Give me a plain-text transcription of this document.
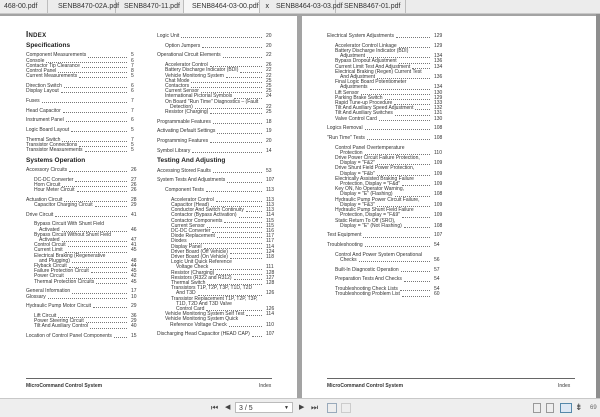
468-00.pdf	SENB8470-02A.pdf SENB8470-11.pdf	SENB8464-03-00.pdf x	SENB8464-03-03.pdf SENB8467-01.pdf
Index
Specifications
Component Measurements	5
Console	6
Contactor Tip Clearance	7
Control Panel	8
Current Measurements	5
Direction Switch	6
Display Layout	6
Fuses	7
Head Capacitor	7
Instrument Panel	6
Logic Board Layout	5
Thermal Switch	7
Transistor Connections	5
Transistor Measurements	5
Systems Operation
Accessory Circuits	26
DC-DC Converter	27
Horn Circuit	26
Hour Meter Circuit	26
Actuation Circuit	28
Capacitor Charging Circuit	29
Drive Circuit	41
Bypass Circuit With Shunt Field
Activated	46
Bypass Circuit Without Shunt Field
Activated	47
Control Circuit	41
Current Limit	45
Electrical Braking (Regenerative
and Plugging)	48
Flyback Circuit	44
Failure Protection Circuit	45
Power Circuit	42
Thermal Protection Circuits	45
General Information	17
Glossary	10
Hydraulic Pump Motor Circuit	29
Lift Circuit	36
Power Steering Circuit	29
Tilt And Auxiliary Control	40
Location of Control Panel Components	15
Logic Unit	20
Option Jumpers	20
Operational Circuit Elements	22
Accelerator Control	26
Battery Discharge Indicator (BDI)	22
Vehicle Monitoring System	22
Chat Mode	25
Contactors	25
Current Sensor	25
International Pictorial Symbols	24
On Board "Run Time" Diagnostics – (Fault
Detection)	22
Resistor (Charging)	25
Programmable Features	18
Activating Default Settings	19
Programming Features	20
Symbol Library	14
Testing And Adjusting
Accessing Stored Faults	53
System Tests And Adjustments	107
Component Tests	113
Accelerator Control	113
Capacitor (Head)	113
Conductor And Switch Continuity	113
Contactor (Bypass Activation)	114
Contactor Components	115
Current Sensor	115
DC-DC Converter	116
Diode Replacement	117
Diodes	117
Display Panel	114
Driver Board (Off Vehicle)	124
Driver Board (On Vehicle)	118
Logic Unit Quick Reference
Voltage Check	111
Resistor (Charging)	128
Resistors (R322 and R312)	127
Thermal Switch	128
Transistors T1P, T2P, T3P, T1D, T2D
And T3D	126
Transistor Replacement T1P, T2P, T3P,
T1D, T2D And T3D Valve
Control Card	126
Vehicle Monitoring System Self Test	114
Vehicle Monitoring System Quick
Reference Voltage Check	110
Discharging Head Capacitor (HEAD CAP)	107
MicroCommand Control System	Index
Electrical System Adjustments	129
Accelerator Control Linkage	129
Battery Discharge Indicator (BDI)
Adjustment	134
Bypass Dropout Adjustment	136
Current Limit Test And Adjustment	134
Electrical Braking (Regen) Current Test
And Adjustment	136
Final Logic Board Potentiometer
Adjustments	134
Lift Sensor	130
Parking Brake Switch	129
Rapid Tune-up Procedure	133
Tilt And Auxiliary Speed Adjustment	132
Tilt And Auxiliary Switches	131
Valve Control Card	130
Logics Removal	108
"Run Time" Tests	108
Control Panel Overtemperature
Protection	110
Drive Power Circuit Failure Protection,
Display = "F&2"	109
Drive Shunt Field Power Protection,
Display = "F&b"	109
Electrically Assisted Braking Failure
Protection, Display = "F&d"	109
Key ON, No Operator Warning,
Display = "E" (Flashing)	108
Hydraulic Pump Power Circuit Failure,
Display = "F&3"	109
Hydraulic Pump Shunt Field Failure
Protection, Display = "F&9"	109
Static Return To Off (SRO),
Display = "E" (Not Flashing)	108
Test Equipment	107
Troubleshooting	54
Control And Power System Operational
Checks	56
Built-In Diagnostic Operation	57
Preparation Tests And Checks	54
Troubleshooting Check Lists	54
Troubleshooting Problem List	60
MicroCommand Control System	Index
⏮ ◀	3 / 5	▼ ▶ ⏭	⇟ 69
